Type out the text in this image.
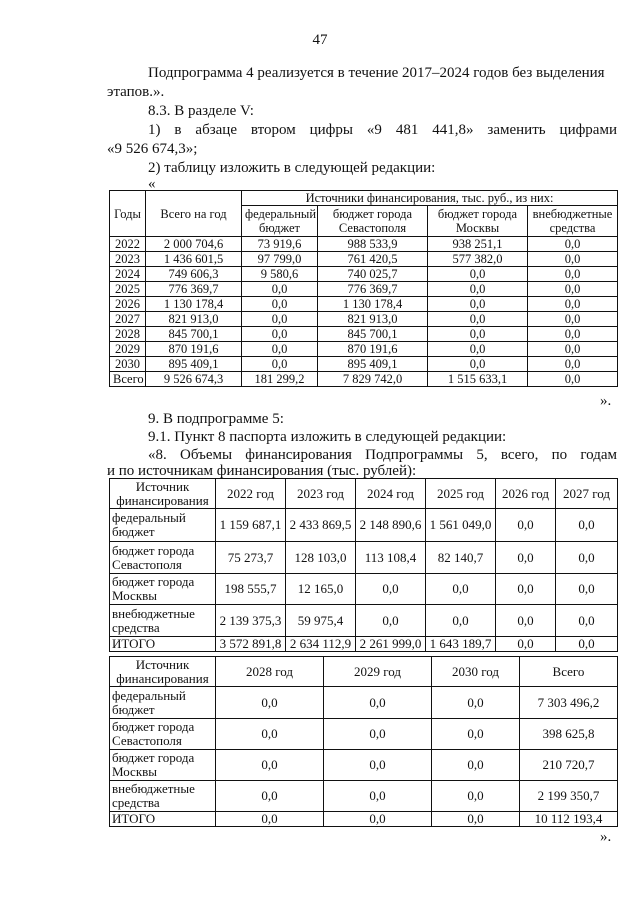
47
Подпрограмма 4 реализуется в течение 2017–2024 годов без выделения
этапов.».
8.3. В разделе V:
1) в абзаце втором цифры «9 481 441,8» заменить цифрами
«9 526 674,3»;
2) таблицу изложить в следующей редакции:
«
Годы	Всего на год	Источники финансирования, тыс. руб., из них:			
		федеральный бюджет	бюджет города Севастополя	бюджет города Москвы	внебюджетные средства
2022	2 000 704,6	73 919,6	988 533,9	938 251,1	0,0
2023	1 436 601,5	97 799,0	761 420,5	577 382,0	0,0
2024	749 606,3	9 580,6	740 025,7	0,0	0,0
2025	776 369,7	0,0	776 369,7	0,0	0,0
2026	1 130 178,4	0,0	1 130 178,4	0,0	0,0
2027	821 913,0	0,0	821 913,0	0,0	0,0
2028	845 700,1	0,0	845 700,1	0,0	0,0
2029	870 191,6	0,0	870 191,6	0,0	0,0
2030	895 409,1	0,0	895 409,1	0,0	0,0
Всего	9 526 674,3	181 299,2	7 829 742,0	1 515 633,1	0,0
».
9. В подпрограмме 5:
9.1. Пункт 8 паспорта изложить в следующей редакции:
«8. Объемы финансирования Подпрограммы 5, всего, по годам
и по источникам финансирования (тыс. рублей):
Источник финансирования	2022 год	2023 год	2024 год	2025 год	2026 год	2027 год
федеральный бюджет	1 159 687,1	2 433 869,5	2 148 890,6	1 561 049,0	0,0	0,0
бюджет города Севастополя	75 273,7	128 103,0	113 108,4	82 140,7	0,0	0,0
бюджет города Москвы	198 555,7	12 165,0	0,0	0,0	0,0	0,0
внебюджетные средства	2 139 375,3	59 975,4	0,0	0,0	0,0	0,0
ИТОГО	3 572 891,8	2 634 112,9	2 261 999,0	1 643 189,7	0,0	0,0
Источник финансирования	2028 год	2029 год	2030 год	Всего
федеральный бюджет	0,0	0,0	0,0	7 303 496,2
бюджет города Севастополя	0,0	0,0	0,0	398 625,8
бюджет города Москвы	0,0	0,0	0,0	210 720,7
внебюджетные средства	0,0	0,0	0,0	2 199 350,7
ИТОГО	0,0	0,0	0,0	10 112 193,4
».
